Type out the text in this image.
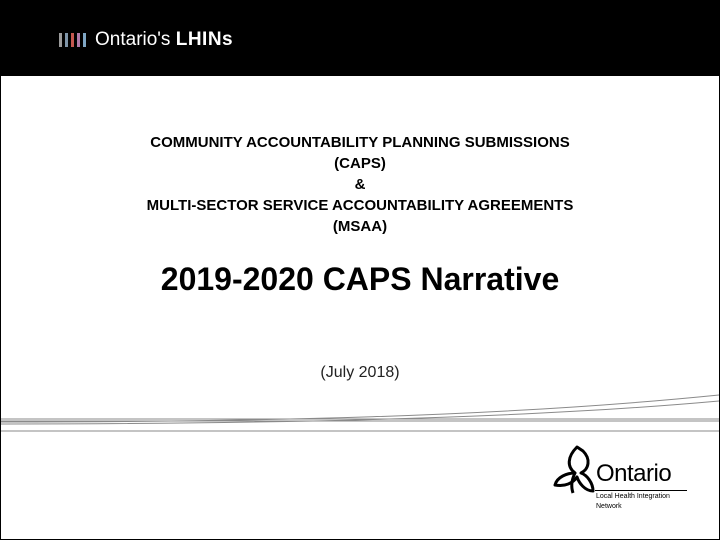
Ontario's LHINs
COMMUNITY ACCOUNTABILITY PLANNING SUBMISSIONS
(CAPS)
&
MULTI-SECTOR SERVICE ACCOUNTABILITY AGREEMENTS
(MSAA)
2019-2020 CAPS Narrative
(July 2018)
Ontario
Local Health Integration
Network
